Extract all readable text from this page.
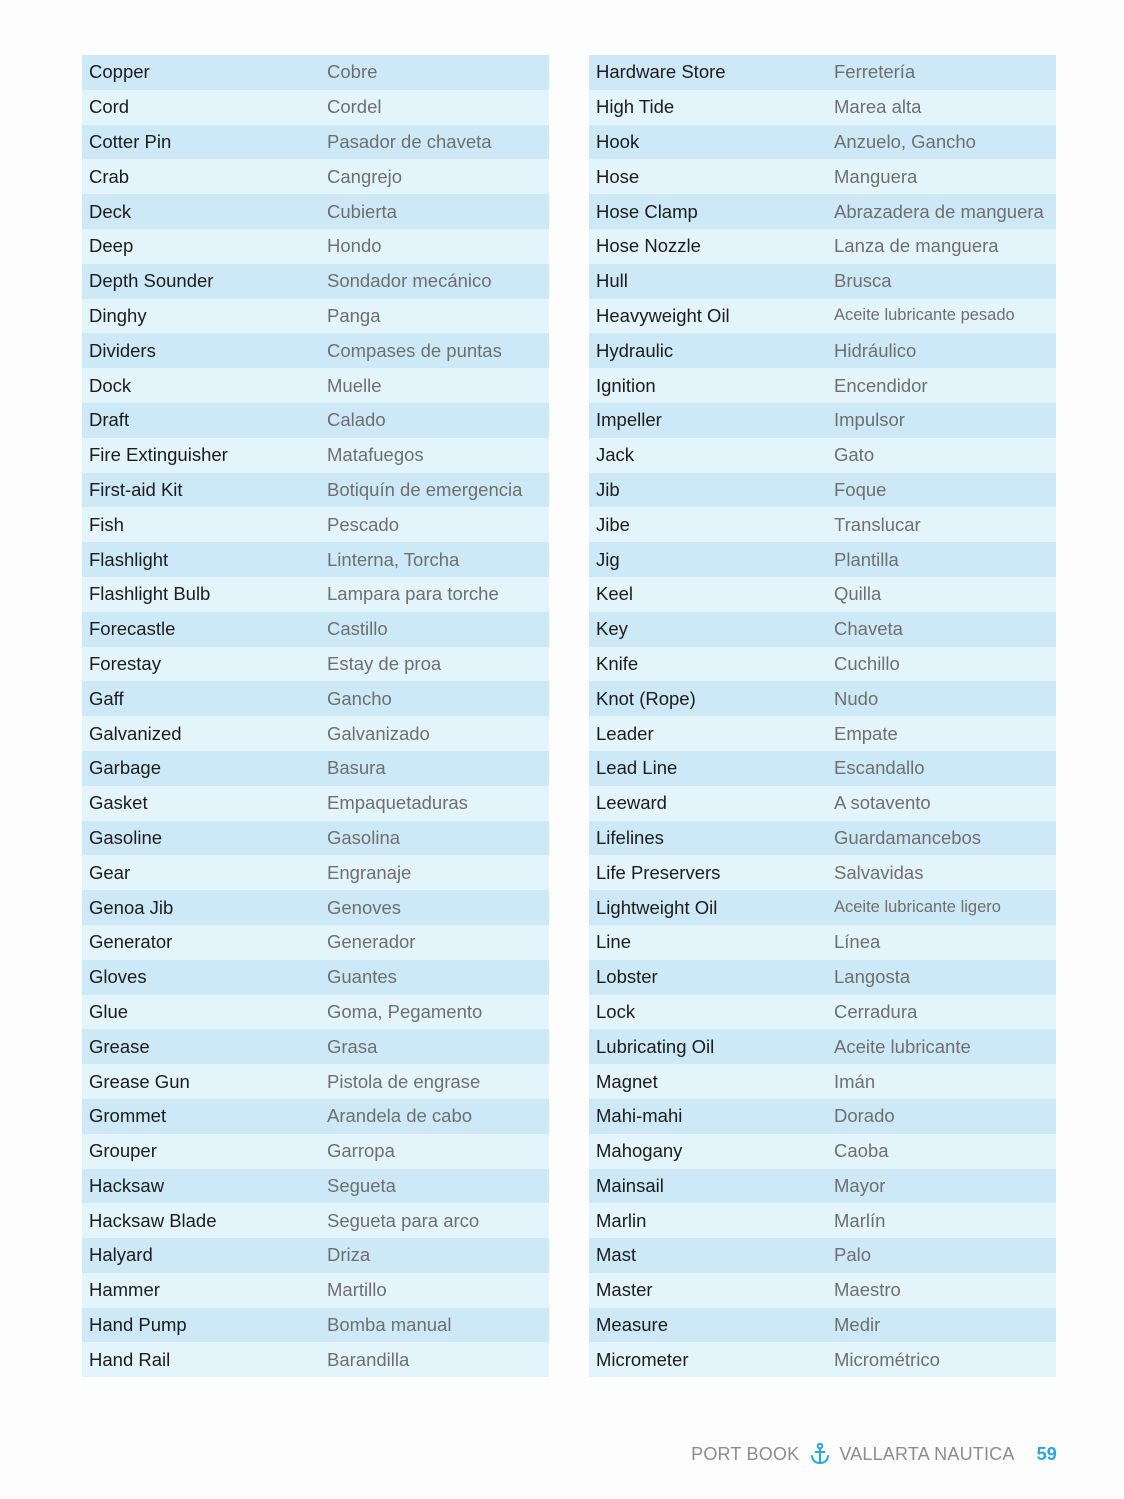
Copper	Cobre
Cord	Cordel
Cotter Pin	Pasador de chaveta
Crab	Cangrejo
Deck	Cubierta
Deep	Hondo
Depth Sounder	Sondador mecánico
Dinghy	Panga
Dividers	Compases de puntas
Dock	Muelle
Draft	Calado
Fire Extinguisher	Matafuegos
First-aid Kit	Botiquín de emergencia
Fish	Pescado
Flashlight	Linterna, Torcha
Flashlight Bulb	Lampara para torche
Forecastle	Castillo
Forestay	Estay de proa
Gaff	Gancho
Galvanized	Galvanizado
Garbage	Basura
Gasket	Empaquetaduras
Gasoline	Gasolina
Gear	Engranaje
Genoa Jib	Genoves
Generator	Generador
Gloves	Guantes
Glue	Goma, Pegamento
Grease	Grasa
Grease Gun	Pistola de engrase
Grommet	Arandela de cabo
Grouper	Garropa
Hacksaw	Segueta
Hacksaw Blade	Segueta para arco
Halyard	Driza
Hammer	Martillo
Hand Pump	Bomba manual
Hand Rail	Barandilla
Hardware Store	Ferretería
High Tide	Marea alta
Hook	Anzuelo, Gancho
Hose	Manguera
Hose Clamp	Abrazadera de manguera
Hose Nozzle	Lanza de manguera
Hull	Brusca
Heavyweight Oil	Aceite lubricante pesado
Hydraulic	Hidráulico
Ignition	Encendidor
Impeller	Impulsor
Jack	Gato
Jib	Foque
Jibe	Translucar
Jig	Plantilla
Keel	Quilla
Key	Chaveta
Knife	Cuchillo
Knot (Rope)	Nudo
Leader	Empate
Lead Line	Escandallo
Leeward	A sotavento
Lifelines	Guardamancebos
Life Preservers	Salvavidas
Lightweight Oil	Aceite lubricante ligero
Line	Línea
Lobster	Langosta
Lock	Cerradura
Lubricating Oil	Aceite lubricante
Magnet	Imán
Mahi-mahi	Dorado
Mahogany	Caoba
Mainsail	Mayor
Marlin	Marlín
Mast	Palo
Master	Maestro
Measure	Medir
Micrometer	Micrométrico
PORT BOOK VALLARTA NAUTICA 59
